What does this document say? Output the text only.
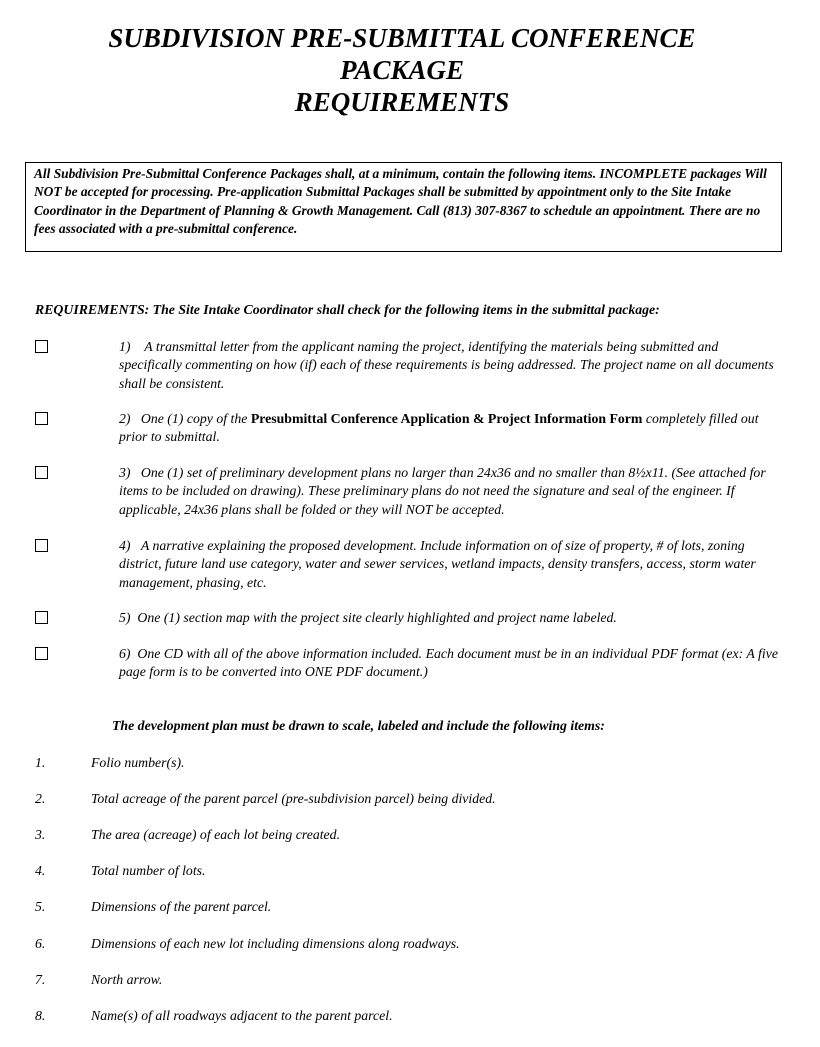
SUBDIVISION PRE-SUBMITTAL CONFERENCE
PACKAGE
REQUIREMENTS
All Subdivision Pre-Submittal Conference Packages shall, at a minimum, contain the following items. INCOMPLETE packages Will NOT be accepted for processing. Pre-application Submittal Packages shall be submitted by appointment only to the Site Intake Coordinator in the Department of Planning & Growth Management. Call (813) 307-8367 to schedule an appointment. There are no fees associated with a pre-submittal conference.
REQUIREMENTS: The Site Intake Coordinator shall check for the following items in the submittal package:
1) A transmittal letter from the applicant naming the project, identifying the materials being submitted and specifically commenting on how (if) each of these requirements is being addressed. The project name on all documents shall be consistent.
2) One (1) copy of the Presubmittal Conference Application & Project Information Form completely filled out prior to submittal.
3) One (1) set of preliminary development plans no larger than 24x36 and no smaller than 8½x11. (See attached for items to be included on drawing). These preliminary plans do not need the signature and seal of the engineer. If applicable, 24x36 plans shall be folded or they will NOT be accepted.
4) A narrative explaining the proposed development. Include information on of size of property, # of lots, zoning district, future land use category, water and sewer services, wetland impacts, density transfers, access, storm water management, phasing, etc.
5) One (1) section map with the project site clearly highlighted and project name labeled.
6) One CD with all of the above information included. Each document must be in an individual PDF format (ex: A five page form is to be converted into ONE PDF document.)
The development plan must be drawn to scale, labeled and include the following items:
1.	Folio number(s).
2.	Total acreage of the parent parcel (pre-subdivision parcel) being divided.
3.	The area (acreage) of each lot being created.
4.	Total number of lots.
5.	Dimensions of the parent parcel.
6.	Dimensions of each new lot including dimensions along roadways.
7.	North arrow.
8.	Name(s) of all roadways adjacent to the parent parcel.
